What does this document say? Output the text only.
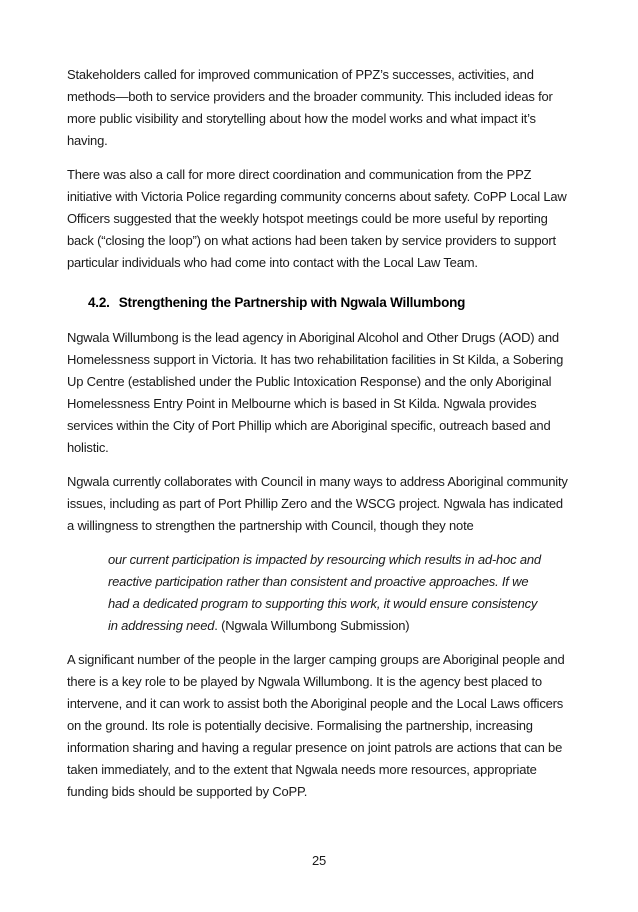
Stakeholders called for improved communication of PPZ’s successes, activities, and methods—both to service providers and the broader community. This included ideas for more public visibility and storytelling about how the model works and what impact it’s having.

There was also a call for more direct coordination and communication from the PPZ initiative with Victoria Police regarding community concerns about safety. CoPP Local Law Officers suggested that the weekly hotspot meetings could be more useful by reporting back (“closing the loop”) on what actions had been taken by service providers to support particular individuals who had come into contact with the Local Law Team.

4.2. Strengthening the Partnership with Ngwala Willumbong

Ngwala Willumbong is the lead agency in Aboriginal Alcohol and Other Drugs (AOD) and Homelessness support in Victoria. It has two rehabilitation facilities in St Kilda, a Sobering Up Centre (established under the Public Intoxication Response) and the only Aboriginal Homelessness Entry Point in Melbourne which is based in St Kilda. Ngwala provides services within the City of Port Phillip which are Aboriginal specific, outreach based and holistic.

Ngwala currently collaborates with Council in many ways to address Aboriginal community issues, including as part of Port Phillip Zero and the WSCG project. Ngwala has indicated a willingness to strengthen the partnership with Council, though they note

our current participation is impacted by resourcing which results in ad-hoc and reactive participation rather than consistent and proactive approaches. If we had a dedicated program to supporting this work, it would ensure consistency in addressing need. (Ngwala Willumbong Submission)

A significant number of the people in the larger camping groups are Aboriginal people and there is a key role to be played by Ngwala Willumbong. It is the agency best placed to intervene, and it can work to assist both the Aboriginal people and the Local Laws officers on the ground. Its role is potentially decisive. Formalising the partnership, increasing information sharing and having a regular presence on joint patrols are actions that can be taken immediately, and to the extent that Ngwala needs more resources, appropriate funding bids should be supported by CoPP.

25
